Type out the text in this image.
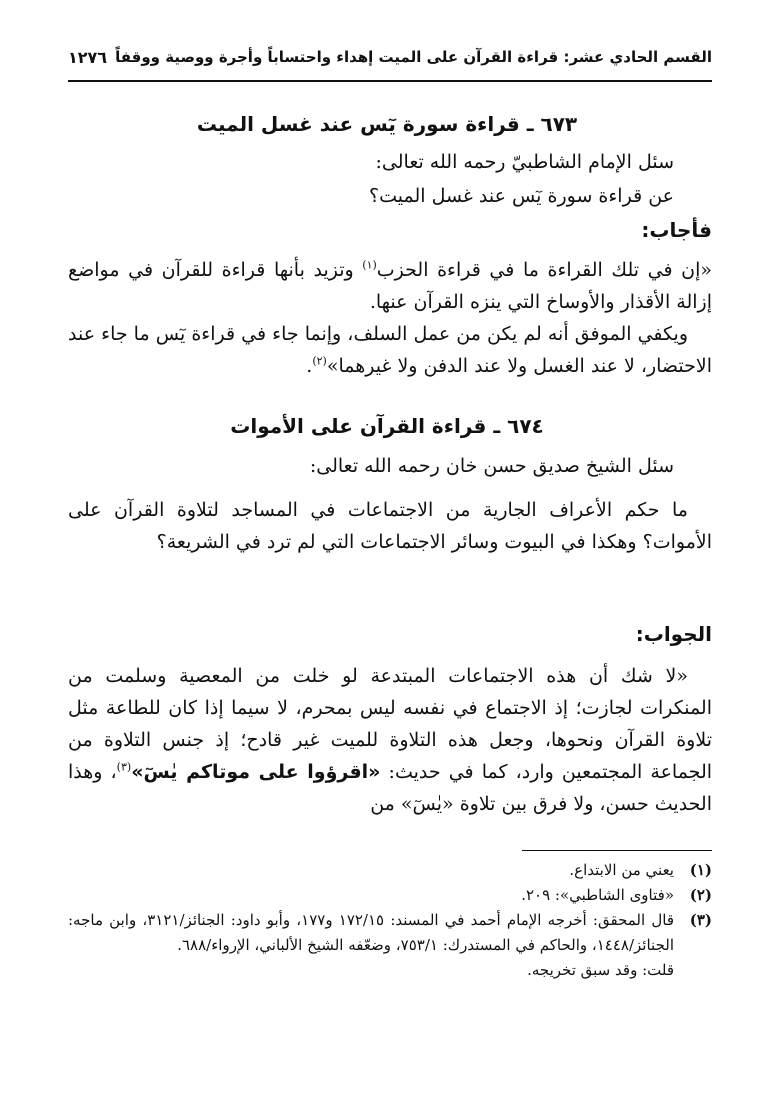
القسم الحادي عشر: قراءة القرآن على الميت إهداء واحتساباً وأجرة ووصية ووقفاً
١٢٧٦
٦٧٣ ـ قراءة سورة يٓس عند غسل الميت
سئل الإمام الشاطبيّ رحمه الله تعالى:
عن قراءة سورة يٓس عند غسل الميت؟
فأجاب:
«إن في تلك القراءة ما في قراءة الحزب$^{(١)}$ وتزيد بأنها قراءة للقرآن في مواضع إزالة الأقذار والأوساخ التي ينزه القرآن عنها.
ويكفي الموفق أنه لم يكن من عمل السلف، وإنما جاء في قراءة يٓس ما جاء عند الاحتضار، لا عند الغسل ولا عند الدفن ولا غيرهما»$^{(٢)}$.
٦٧٤ ـ قراءة القرآن على الأموات
سئل الشيخ صديق حسن خان رحمه الله تعالى:
ما حكم الأعراف الجارية من الاجتماعات في المساجد لتلاوة القرآن على الأموات؟ وهكذا في البيوت وسائر الاجتماعات التي لم ترد في الشريعة؟
الجواب:
«لا شك أن هذه الاجتماعات المبتدعة لو خلت من المعصية وسلمت من المنكرات لجازت؛ إذ الاجتماع في نفسه ليس بمحرم، لا سيما إذا كان للطاعة مثل تلاوة القرآن ونحوها، وجعل هذه التلاوة للميت غير قادح؛ إذ جنس التلاوة من الجماعة المجتمعين وارد، كما في حديث: «اقرؤوا على موتاكم يٰسٓ»$^{(٣)}$، وهذا الحديث حسن، ولا فرق بين تلاوة «يٰسٓ» من
(١)
يعني من الابتداع.
(٢)
«فتاوى الشاطبي»: ٢٠٩.
(٣)
قال المحقق: أخرجه الإمام أحمد في المسند: ١٧٢/١٥ و١٧٧، وأبو داود: الجنائز/٣١٢١، وابن ماجه: الجنائز/١٤٤٨، والحاكم في المستدرك: ٧٥٣/١، وضعّفه الشيخ الألباني، الإرواء/٦٨٨.
قلت: وقد سبق تخريجه.
